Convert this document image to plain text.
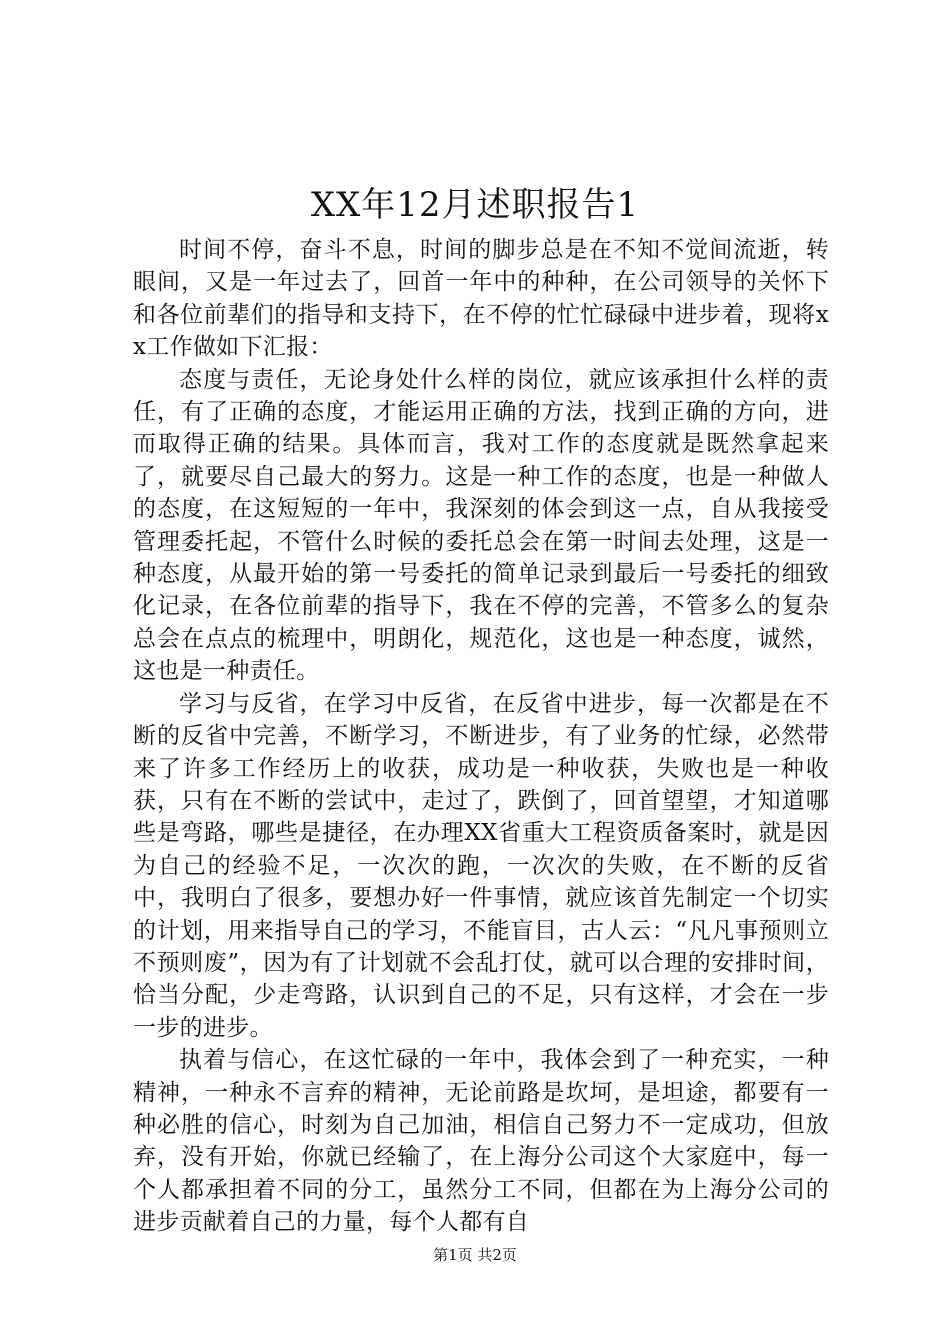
XX年12月述职报告1

时间不停，奋斗不息，时间的脚步总是在不知不觉间流逝，转眼间，又是一年过去了，回首一年中的种种，在公司领导的关怀下和各位前辈们的指导和支持下，在不停的忙忙碌碌中进步着，现将xx工作做如下汇报：

态度与责任，无论身处什么样的岗位，就应该承担什么样的责任，有了正确的态度，才能运用正确的方法，找到正确的方向，进而取得正确的结果。具体而言，我对工作的态度就是既然拿起来了，就要尽自己最大的努力。这是一种工作的态度，也是一种做人的态度，在这短短的一年中，我深刻的体会到这一点，自从我接受管理委托起，不管什么时候的委托总会在第一时间去处理，这是一种态度，从最开始的第一号委托的简单记录到最后一号委托的细致化记录，在各位前辈的指导下，我在不停的完善，不管多么的复杂总会在点点的梳理中，明朗化，规范化，这也是一种态度，诚然，这也是一种责任。

学习与反省，在学习中反省，在反省中进步，每一次都是在不断的反省中完善，不断学习，不断进步，有了业务的忙绿，必然带来了许多工作经历上的收获，成功是一种收获，失败也是一种收获，只有在不断的尝试中，走过了，跌倒了，回首望望，才知道哪些是弯路，哪些是捷径，在办理XX省重大工程资质备案时，就是因为自己的经验不足，一次次的跑，一次次的失败，在不断的反省中，我明白了很多，要想办好一件事情，就应该首先制定一个切实的计划，用来指导自己的学习，不能盲目，古人云：“凡凡事预则立不预则废”，因为有了计划就不会乱打仗，就可以合理的安排时间，恰当分配，少走弯路，认识到自己的不足，只有这样，才会在一步一步的进步。

执着与信心，在这忙碌的一年中，我体会到了一种充实，一种精神，一种永不言弃的精神，无论前路是坎坷，是坦途，都要有一种必胜的信心，时刻为自己加油，相信自己努力不一定成功，但放弃，没有开始，你就已经输了，在上海分公司这个大家庭中，每一个人都承担着不同的分工，虽然分工不同，但都在为上海分公司的进步贡献着自己的力量，每个人都有自

第1页 共2页
